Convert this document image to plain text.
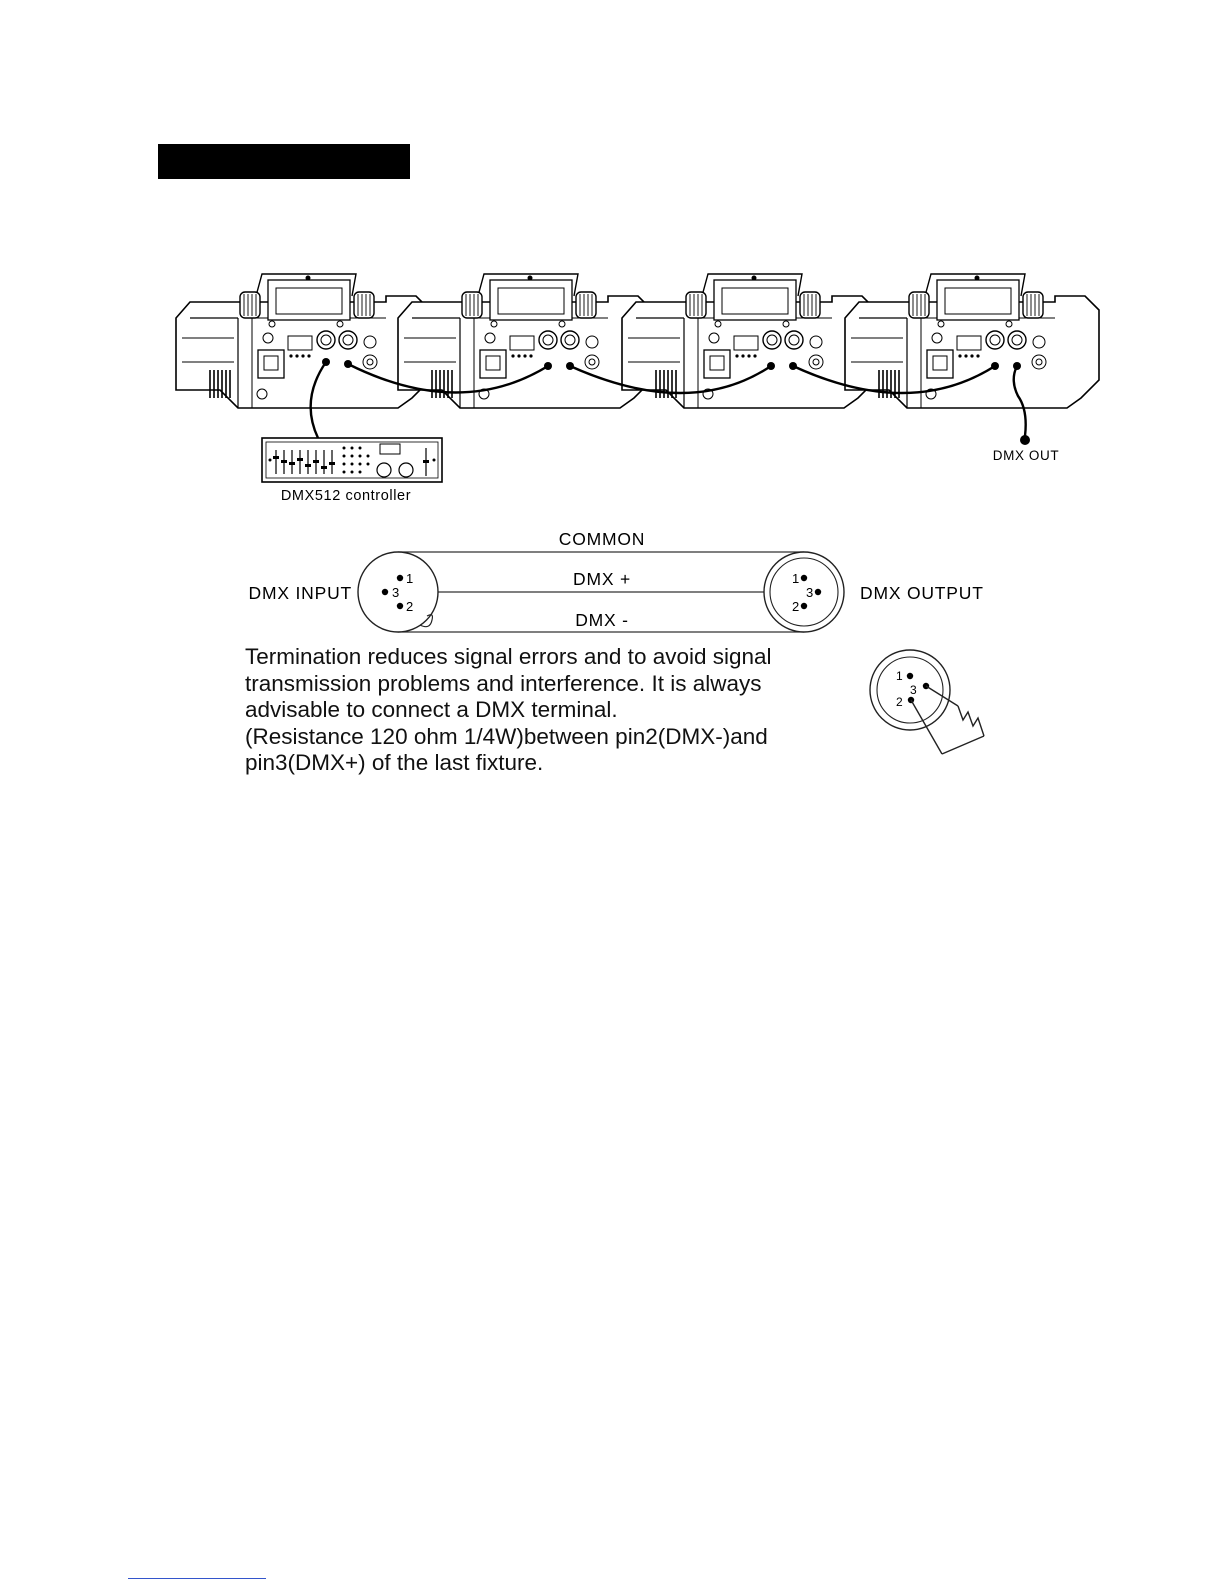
DMX512 controller
DMX OUT
1
3
2
1
3
2
COMMON
DMX +
DMX -
DMX INPUT	DMX OUTPUT
1
3
2
Termination reduces signal errors and to avoid signal
transmission problems and interference. It is always
advisable to connect a DMX terminal.
(Resistance 120 ohm 1/4W)between pin2(DMX-)and
pin3(DMX+) of the last fixture.
